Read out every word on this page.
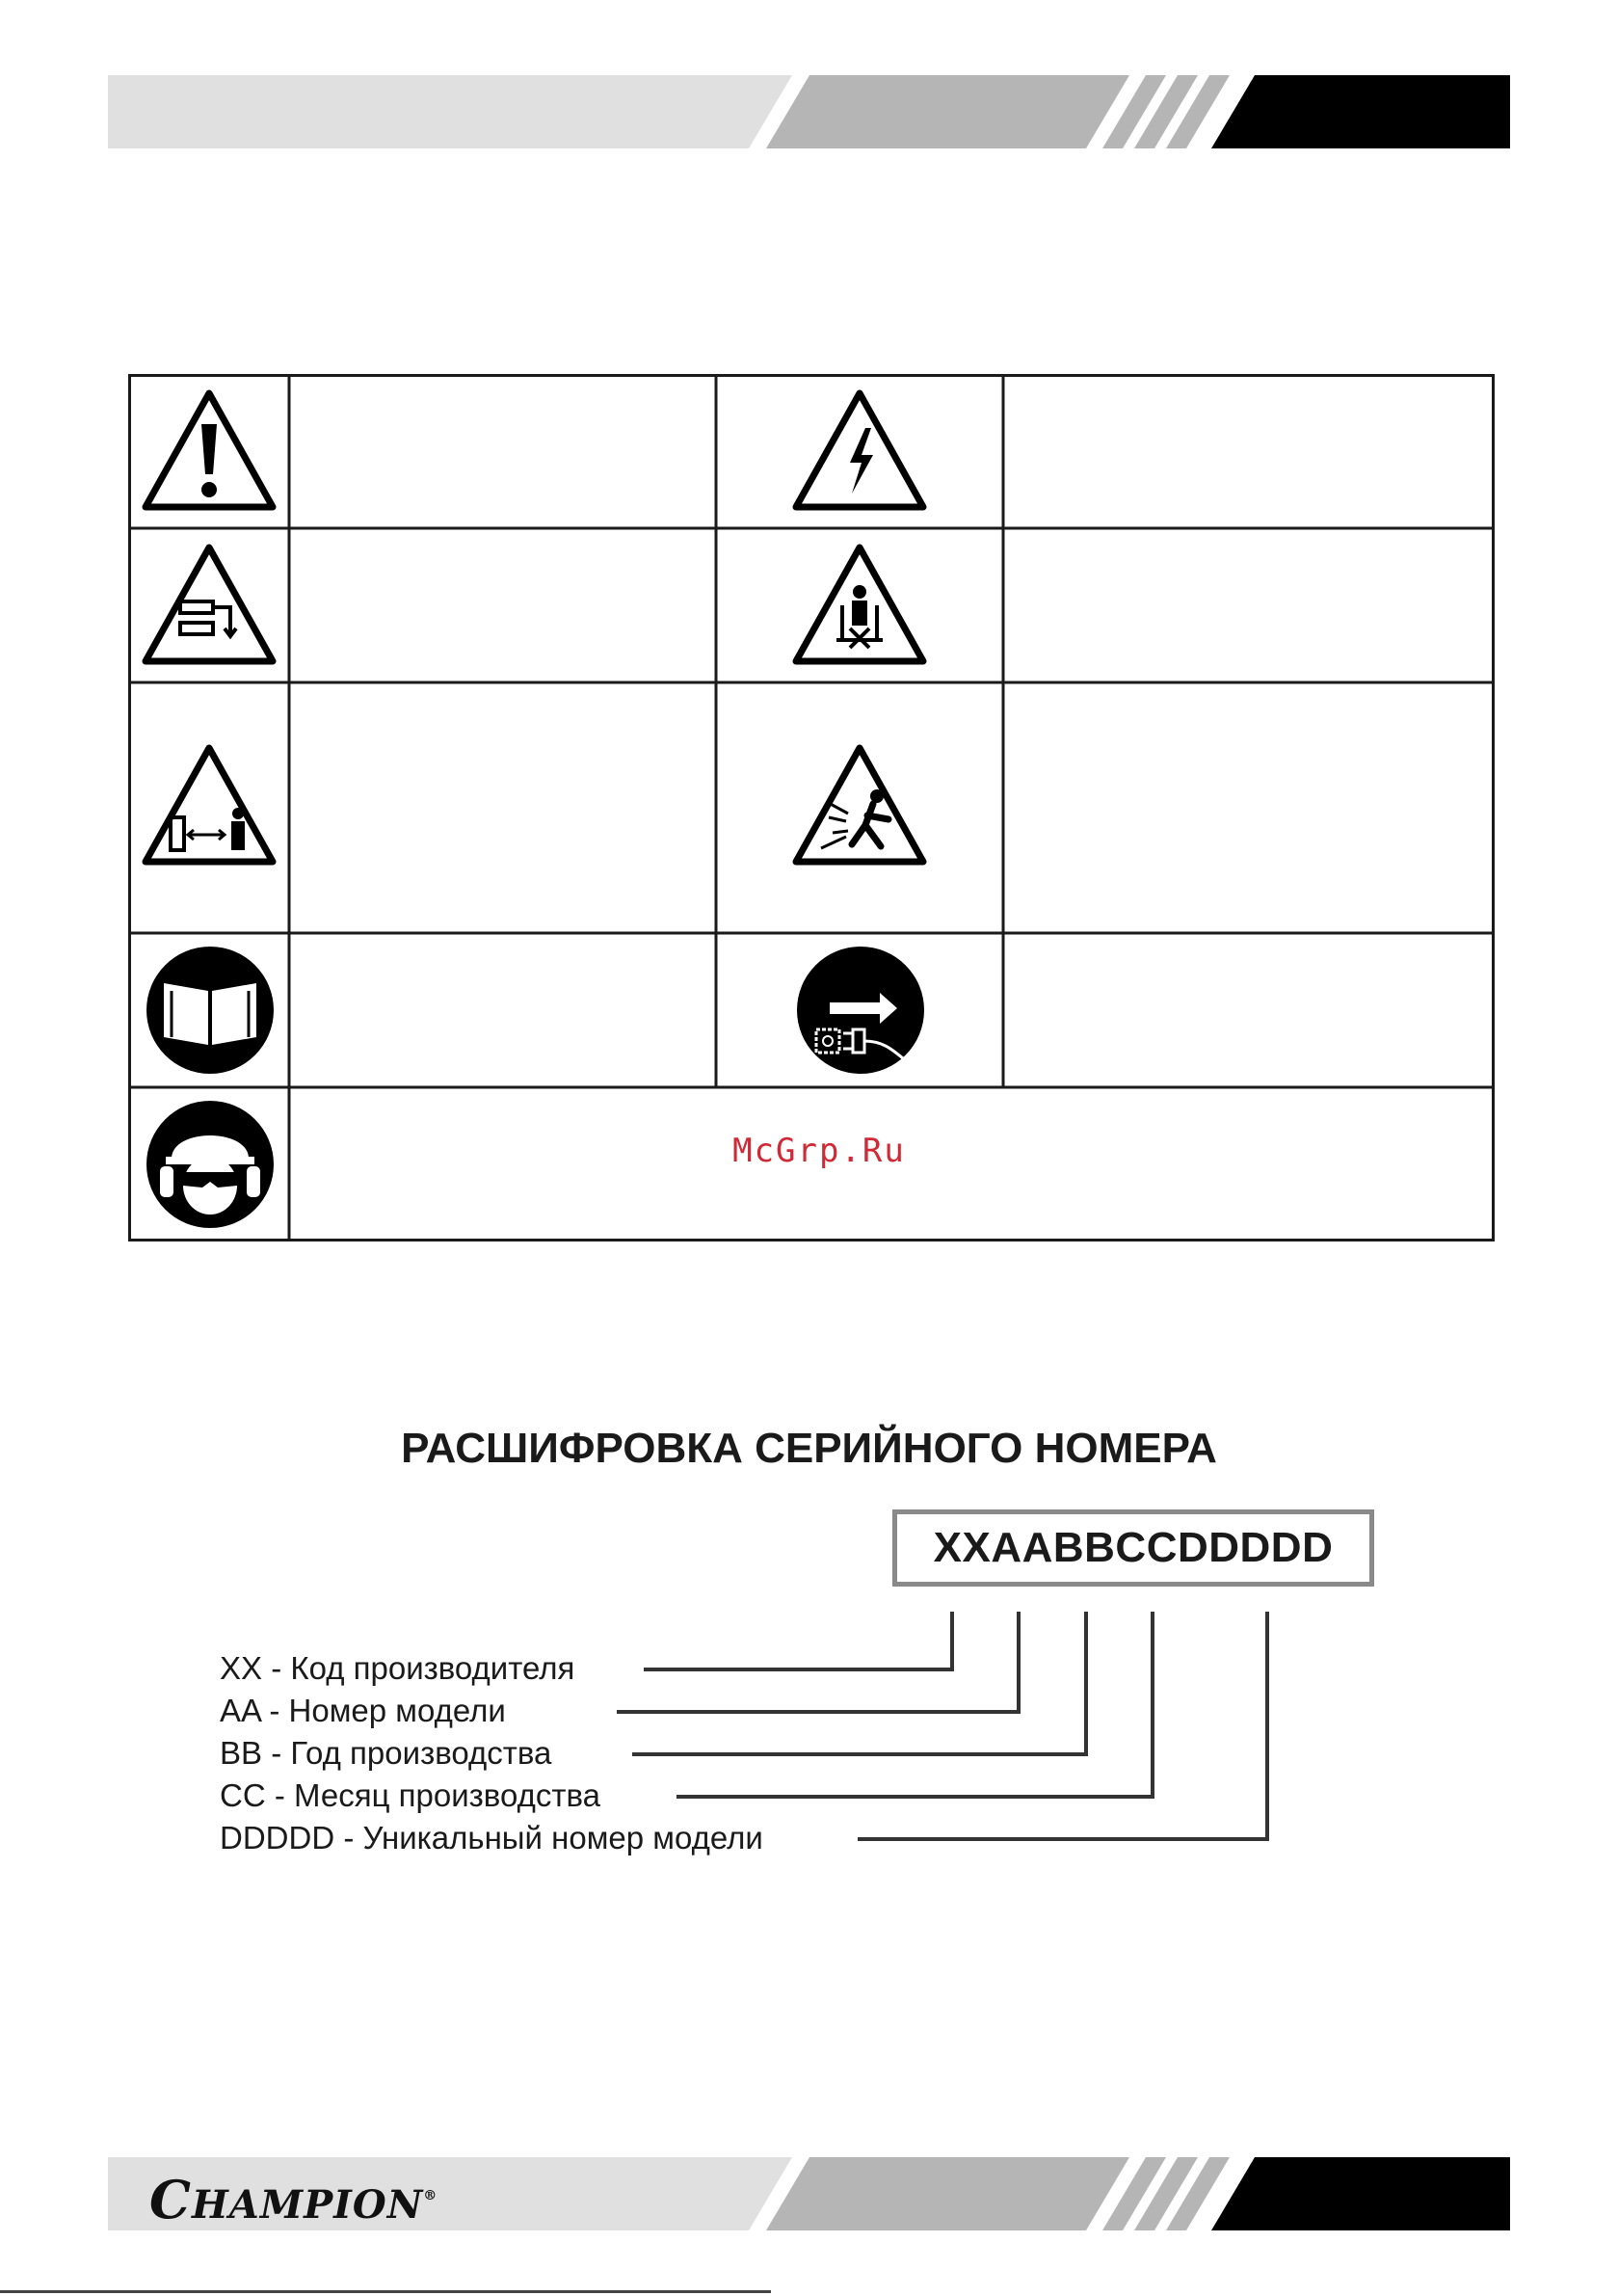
McGrp.Ru
РАСШИФРОВКА СЕРИЙНОГО НОМЕРА
XXAABBCCDDDDD
XX - Код производителя
AA - Номер модели
BB - Год производства
CC - Месяц производства
DDDDD - Уникальный номер модели
CHAMPION®
